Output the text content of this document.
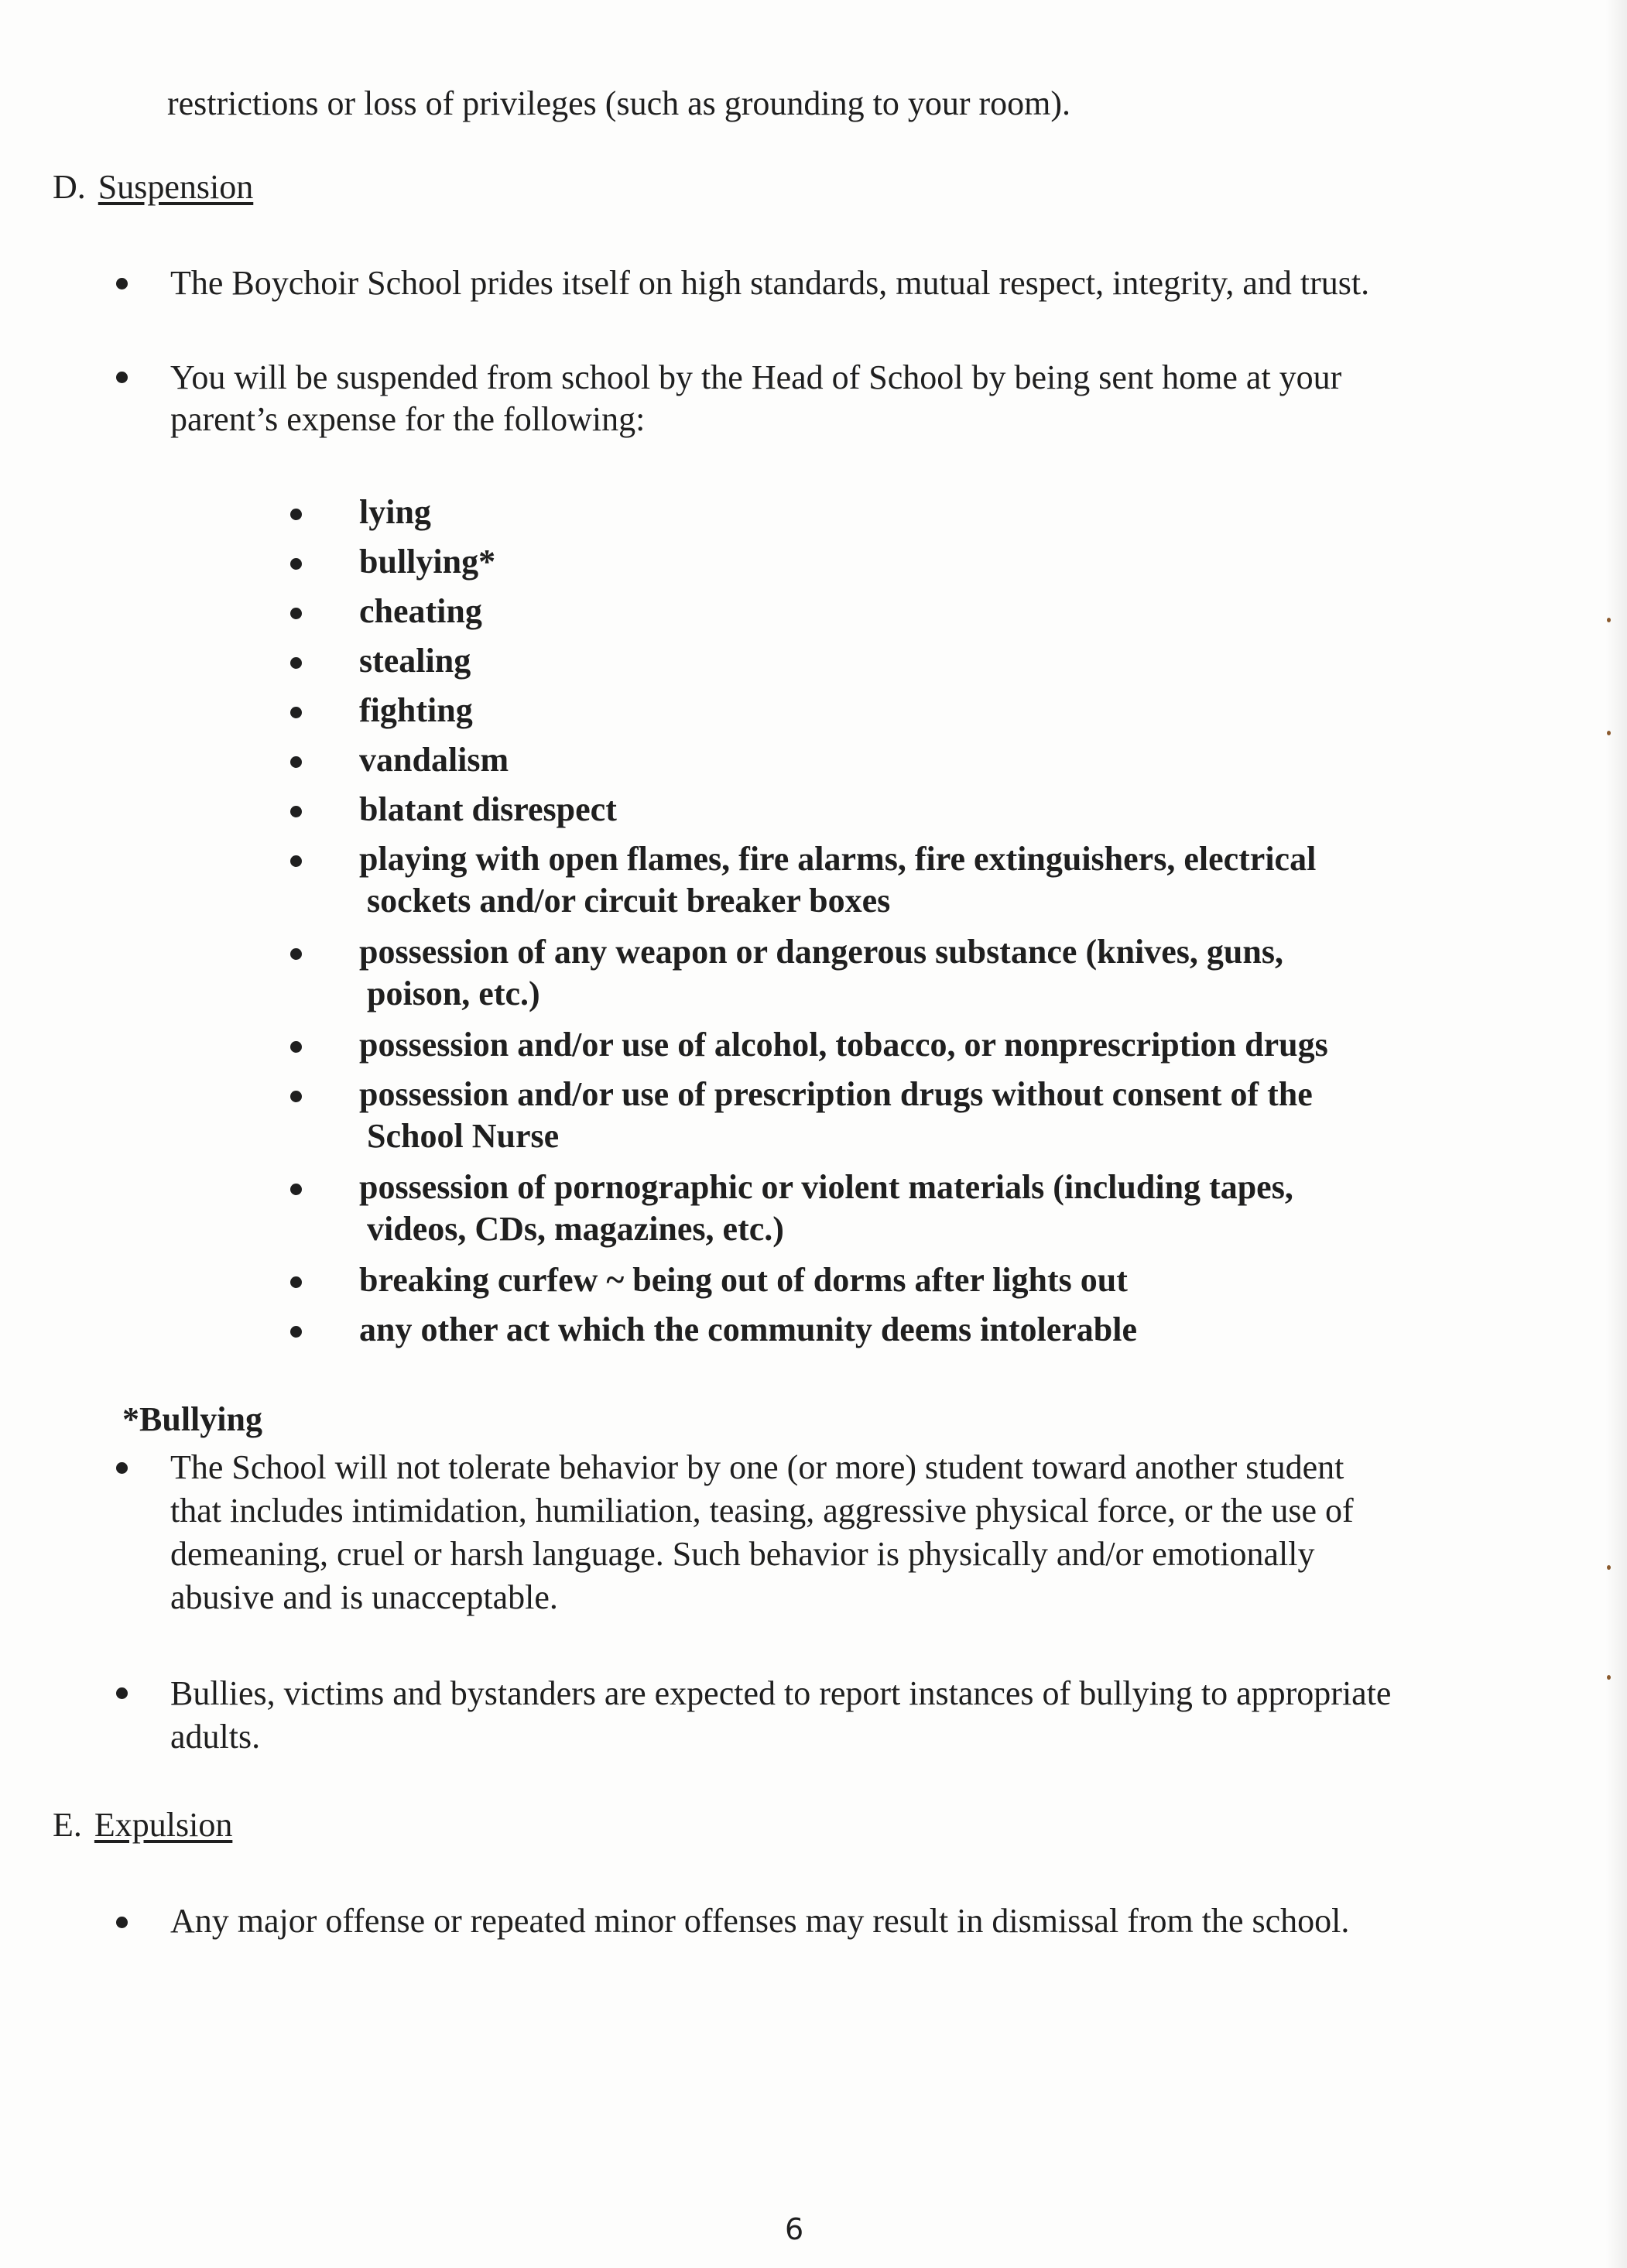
restrictions or loss of privileges (such as grounding to your room).
D. Suspension
The Boychoir School prides itself on high standards, mutual respect, integrity, and trust.
You will be suspended from school by the Head of School by being sent home at your
parent’s expense for the following:
lying
bullying*
cheating
stealing
fighting
vandalism
blatant disrespect
playing with open flames, fire alarms, fire extinguishers, electrical
sockets and/or circuit breaker boxes
possession of any weapon or dangerous substance (knives, guns,
poison, etc.)
possession and/or use of alcohol, tobacco, or nonprescription drugs
possession and/or use of prescription drugs without consent of the
School Nurse
possession of pornographic or violent materials (including tapes,
videos, CDs, magazines, etc.)
breaking curfew ~ being out of dorms after lights out
any other act which the community deems intolerable
*Bullying
The School will not tolerate behavior by one (or more) student toward another student
that includes intimidation, humiliation, teasing, aggressive physical force, or the use of
demeaning, cruel or harsh language. Such behavior is physically and/or emotionally
abusive and is unacceptable.
Bullies, victims and bystanders are expected to report instances of bullying to appropriate
adults.
E. Expulsion
Any major offense or repeated minor offenses may result in dismissal from the school.
6
